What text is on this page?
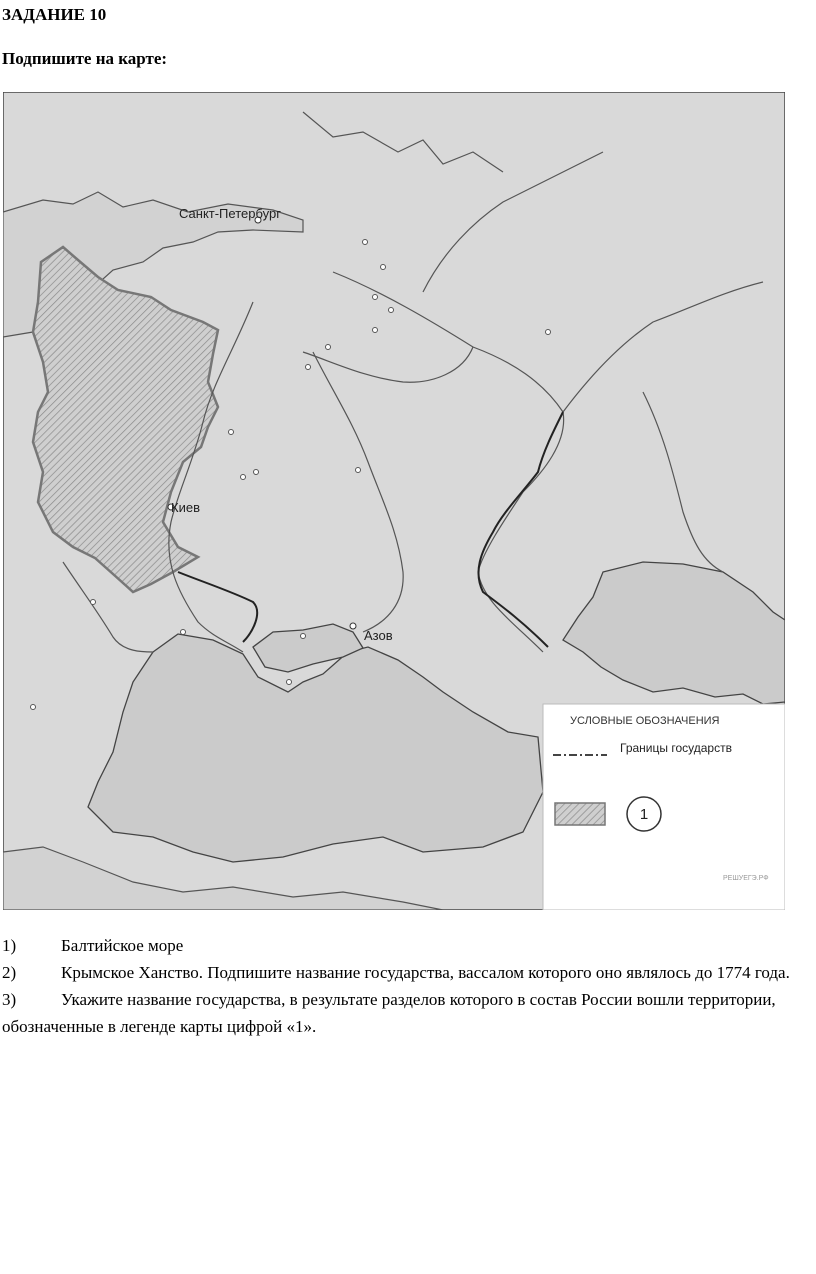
ЗАДАНИЕ 10

Подпишите на карте:

Санкт-Петербург
Киев
Азов
УСЛОВНЫЕ ОБОЗНАЧЕНИЯ
Границы государств
1
РЕШУЕГЭ.РФ

1)	Балтийское море

2)	Крымское Ханство. Подпишите название государства, вассалом которого оно являлось до 1774 года.

3)	Укажите название государства, в результате разделов которого в состав России вошли территории, обозначенные в легенде карты цифрой «1».
